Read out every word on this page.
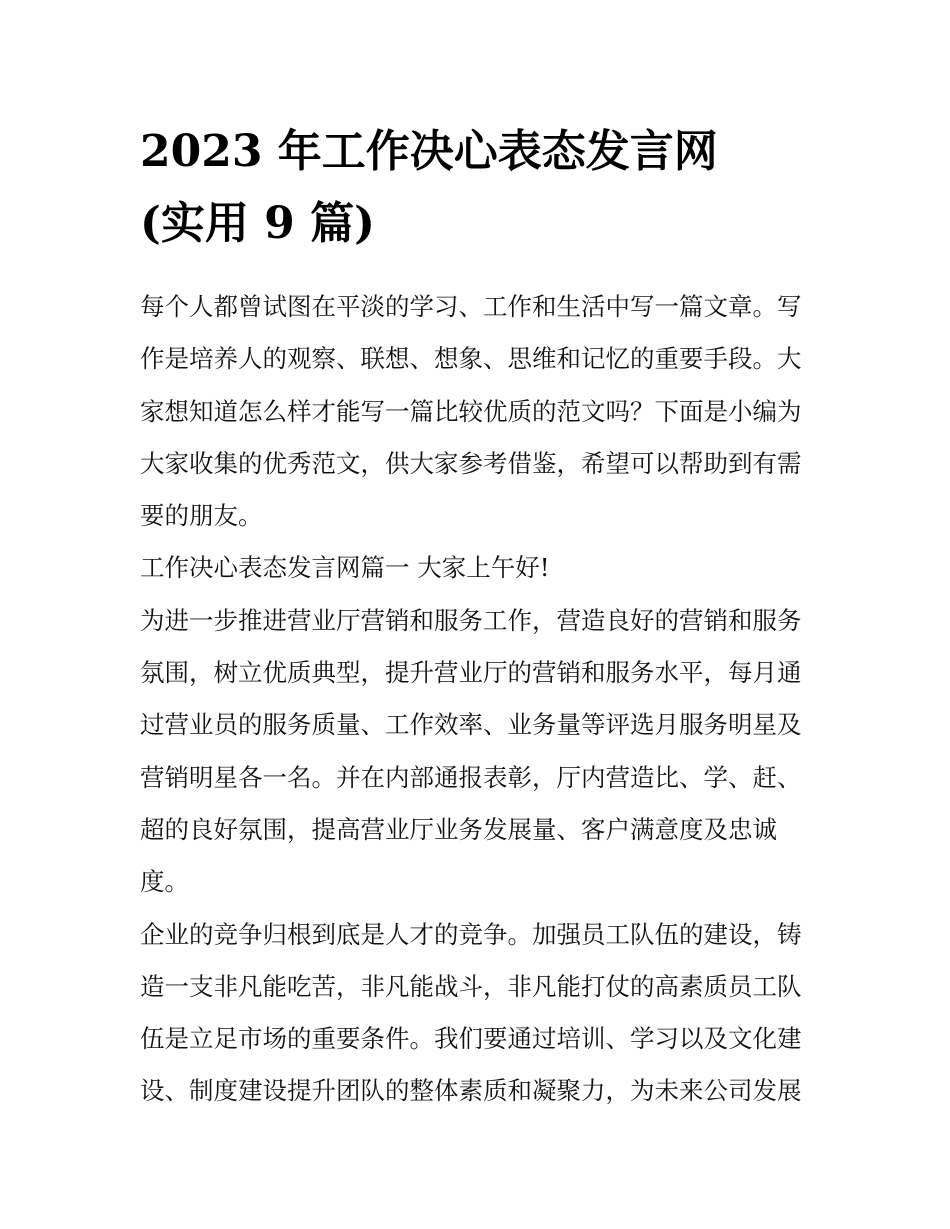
2023 年工作决心表态发言网
(实用 9 篇)
每个人都曾试图在平淡的学习、工作和生活中写一篇文章。写
作是培养人的观察、联想、想象、思维和记忆的重要手段。大
家想知道怎么样才能写一篇比较优质的范文吗？下面是小编为
大家收集的优秀范文，供大家参考借鉴，希望可以帮助到有需
要的朋友。
工作决心表态发言网篇一 大家上午好!
为进一步推进营业厅营销和服务工作，营造良好的营销和服务
氛围，树立优质典型，提升营业厅的营销和服务水平，每月通
过营业员的服务质量、工作效率、业务量等评选月服务明星及
营销明星各一名。并在内部通报表彰，厅内营造比、学、赶、
超的良好氛围，提高营业厅业务发展量、客户满意度及忠诚
度。
企业的竞争归根到底是人才的竞争。加强员工队伍的建设，铸
造一支非凡能吃苦，非凡能战斗，非凡能打仗的高素质员工队
伍是立足市场的重要条件。我们要通过培训、学习以及文化建
设、制度建设提升团队的整体素质和凝聚力，为未来公司发展
